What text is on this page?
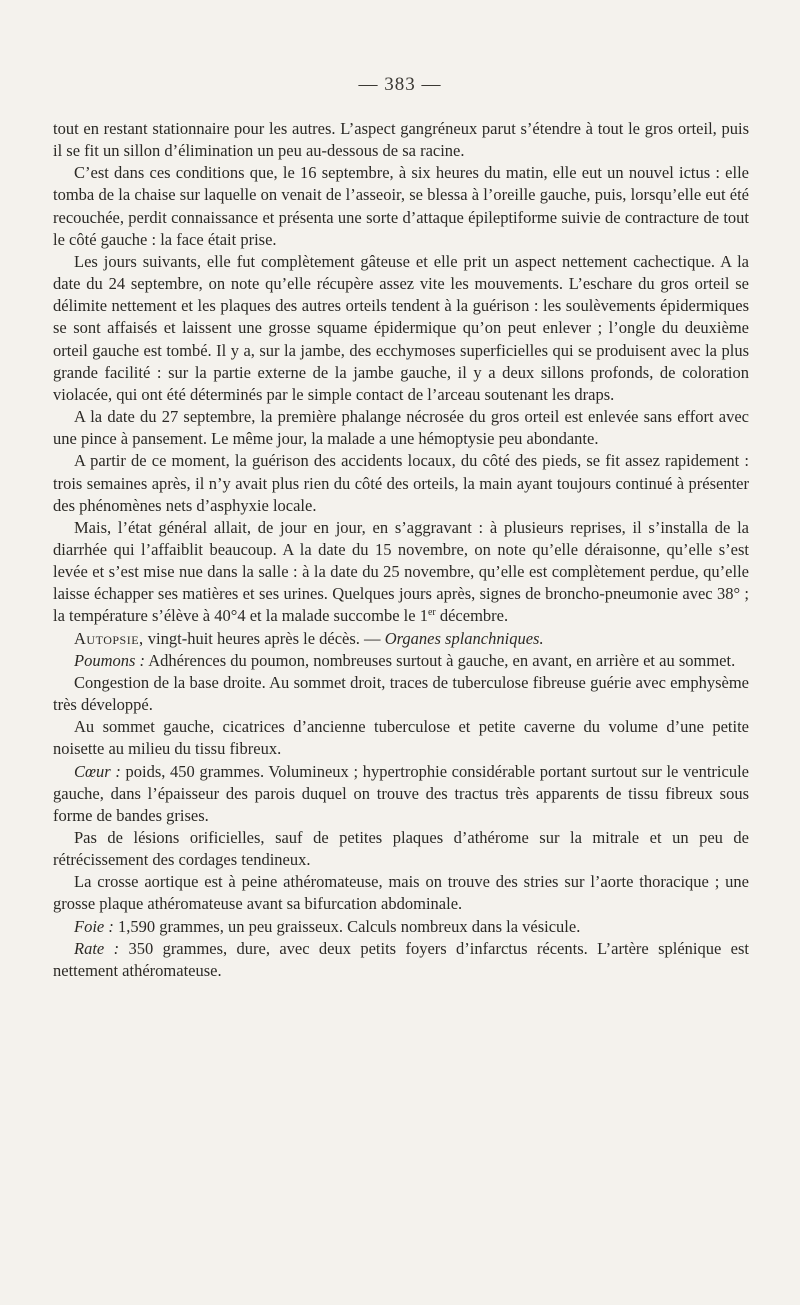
— 383 —

tout en restant stationnaire pour les autres. L’aspect gangréneux parut s’étendre à tout le gros orteil, puis il se fit un sillon d’élimination un peu au-dessous de sa racine.

C’est dans ces conditions que, le 16 septembre, à six heures du matin, elle eut un nouvel ictus : elle tomba de la chaise sur laquelle on venait de l’asseoir, se blessa à l’oreille gauche, puis, lorsqu’elle eut été recouchée, perdit connaissance et présenta une sorte d’attaque épileptiforme suivie de contracture de tout le côté gauche : la face était prise.

Les jours suivants, elle fut complètement gâteuse et elle prit un aspect nettement cachectique. A la date du 24 septembre, on note qu’elle récupère assez vite les mouvements. L’eschare du gros orteil se délimite nettement et les plaques des autres orteils tendent à la guérison : les soulèvements épidermiques se sont affaisés et laissent une grosse squame épidermique qu’on peut enlever ; l’ongle du deuxième orteil gauche est tombé. Il y a, sur la jambe, des ecchymoses superficielles qui se produisent avec la plus grande facilité : sur la partie externe de la jambe gauche, il y a deux sillons profonds, de coloration violacée, qui ont été déterminés par le simple contact de l’arceau soutenant les draps.

A la date du 27 septembre, la première phalange nécrosée du gros orteil est enlevée sans effort avec une pince à pansement. Le même jour, la malade a une hémoptysie peu abondante.

A partir de ce moment, la guérison des accidents locaux, du côté des pieds, se fit assez rapidement : trois semaines après, il n’y avait plus rien du côté des orteils, la main ayant toujours continué à présenter des phénomènes nets d’asphyxie locale.

Mais, l’état général allait, de jour en jour, en s’aggravant : à plusieurs reprises, il s’installa de la diarrhée qui l’affaiblit beaucoup. A la date du 15 novembre, on note qu’elle déraisonne, qu’elle s’est levée et s’est mise nue dans la salle : à la date du 25 novembre, qu’elle est complètement perdue, qu’elle laisse échapper ses matières et ses urines. Quelques jours après, signes de broncho-pneumonie avec 38° ; la température s’élève à 40°4 et la malade succombe le 1er décembre.

Autopsie, vingt-huit heures après le décès. — Organes splanchniques.

Poumons : Adhérences du poumon, nombreuses surtout à gauche, en avant, en arrière et au sommet.

Congestion de la base droite. Au sommet droit, traces de tuberculose fibreuse guérie avec emphysème très développé.

Au sommet gauche, cicatrices d’ancienne tuberculose et petite caverne du volume d’une petite noisette au milieu du tissu fibreux.

Cœur : poids, 450 grammes. Volumineux ; hypertrophie considérable portant surtout sur le ventricule gauche, dans l’épaisseur des parois duquel on trouve des tractus très apparents de tissu fibreux sous forme de bandes grises.

Pas de lésions orificielles, sauf de petites plaques d’athérome sur la mitrale et un peu de rétrécissement des cordages tendineux.

La crosse aortique est à peine athéromateuse, mais on trouve des stries sur l’aorte thoracique ; une grosse plaque athéromateuse avant sa bifurcation abdominale.

Foie : 1,590 grammes, un peu graisseux. Calculs nombreux dans la vésicule.

Rate : 350 grammes, dure, avec deux petits foyers d’infarctus récents. L’artère splénique est nettement athéromateuse.
